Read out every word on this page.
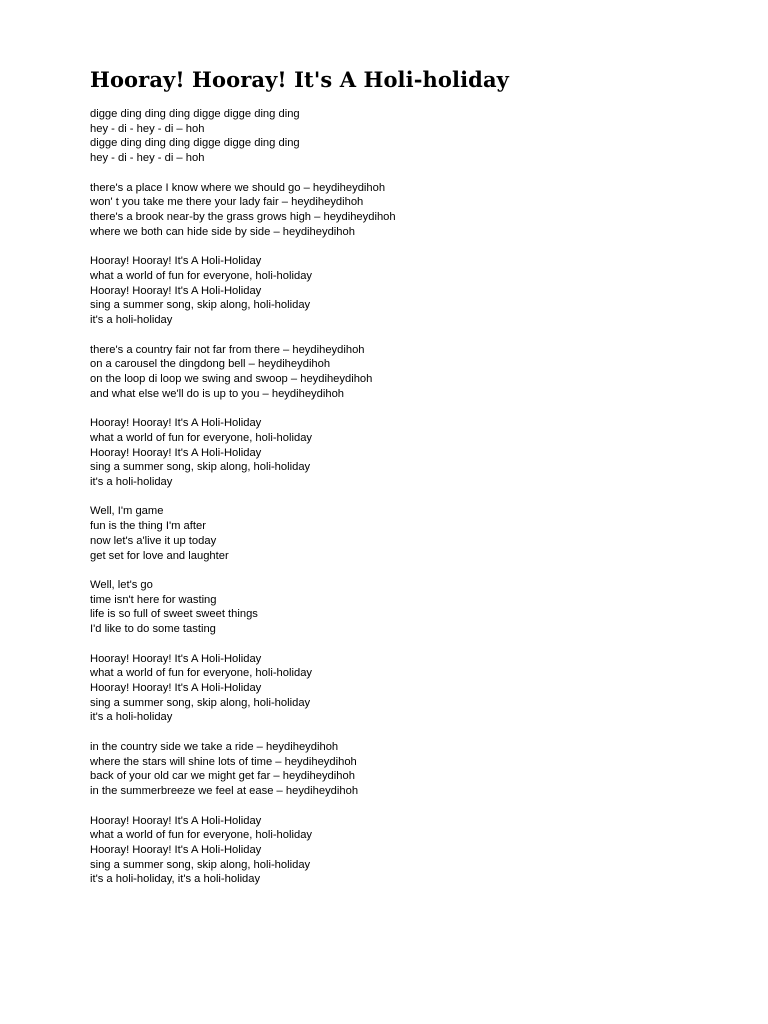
Hooray! Hooray! It's A Holi-holiday
digge ding ding ding digge digge ding ding
hey - di - hey - di – hoh
digge ding ding ding digge digge ding ding
hey - di - hey - di – hoh
there's a place I know where we should go – heydiheydihoh
won' t you take me there your lady fair – heydiheydihoh
there's a brook near-by the grass grows high – heydiheydihoh
where we both can hide side by side – heydiheydihoh
Hooray! Hooray! It's A Holi-Holiday
what a world of fun for everyone, holi-holiday
Hooray! Hooray! It's A Holi-Holiday
sing a summer song, skip along, holi-holiday
it's a holi-holiday
there's a country fair not far from there – heydiheydihoh
on a carousel the dingdong bell – heydiheydihoh
on the loop di loop we swing and swoop – heydiheydihoh
and what else we'll do is up to you – heydiheydihoh
Hooray! Hooray! It's A Holi-Holiday
what a world of fun for everyone, holi-holiday
Hooray! Hooray! It's A Holi-Holiday
sing a summer song, skip along, holi-holiday
it's a holi-holiday
Well, I'm game
fun is the thing I'm after
now let's a'live it up today
get set for love and laughter
Well, let's go
time isn't here for wasting
life is so full of sweet sweet things
I'd like to do some tasting
Hooray! Hooray! It's A Holi-Holiday
what a world of fun for everyone, holi-holiday
Hooray! Hooray! It's A Holi-Holiday
sing a summer song, skip along, holi-holiday
it's a holi-holiday
in the country side we take a ride – heydiheydihoh
where the stars will shine lots of time – heydiheydihoh
back of your old car we might get far – heydiheydihoh
in the summerbreeze we feel at ease – heydiheydihoh
Hooray! Hooray! It's A Holi-Holiday
what a world of fun for everyone, holi-holiday
Hooray! Hooray! It's A Holi-Holiday
sing a summer song, skip along, holi-holiday
it's a holi-holiday, it's a holi-holiday
